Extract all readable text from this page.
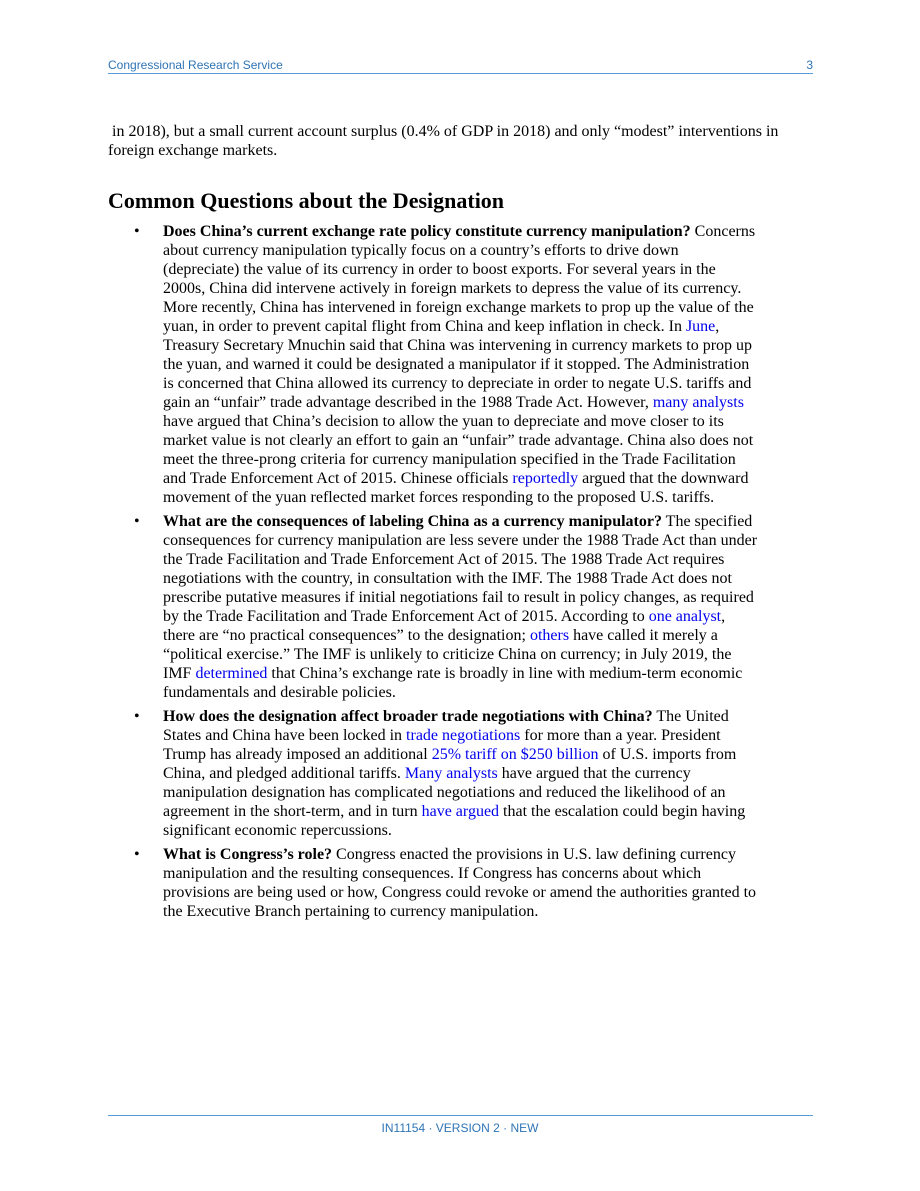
Congressional Research Service	3

in 2018), but a small current account surplus (0.4% of GDP in 2018) and only “modest” interventions in foreign exchange markets.

Common Questions about the Designation
• Does China’s current exchange rate policy constitute currency manipulation? Concerns about currency manipulation typically focus on a country’s efforts to drive down (depreciate) the value of its currency in order to boost exports. For several years in the 2000s, China did intervene actively in foreign markets to depress the value of its currency. More recently, China has intervened in foreign exchange markets to prop up the value of the yuan, in order to prevent capital flight from China and keep inflation in check. In June, Treasury Secretary Mnuchin said that China was intervening in currency markets to prop up the yuan, and warned it could be designated a manipulator if it stopped. The Administration is concerned that China allowed its currency to depreciate in order to negate U.S. tariffs and gain an “unfair” trade advantage described in the 1988 Trade Act. However, many analysts have argued that China’s decision to allow the yuan to depreciate and move closer to its market value is not clearly an effort to gain an “unfair” trade advantage. China also does not meet the three-prong criteria for currency manipulation specified in the Trade Facilitation and Trade Enforcement Act of 2015. Chinese officials reportedly argued that the downward movement of the yuan reflected market forces responding to the proposed U.S. tariffs.
• What are the consequences of labeling China as a currency manipulator? The specified consequences for currency manipulation are less severe under the 1988 Trade Act than under the Trade Facilitation and Trade Enforcement Act of 2015. The 1988 Trade Act requires negotiations with the country, in consultation with the IMF. The 1988 Trade Act does not prescribe putative measures if initial negotiations fail to result in policy changes, as required by the Trade Facilitation and Trade Enforcement Act of 2015. According to one analyst, there are “no practical consequences” to the designation; others have called it merely a “political exercise.” The IMF is unlikely to criticize China on currency; in July 2019, the IMF determined that China’s exchange rate is broadly in line with medium-term economic fundamentals and desirable policies.
• How does the designation affect broader trade negotiations with China? The United States and China have been locked in trade negotiations for more than a year. President Trump has already imposed an additional 25% tariff on $250 billion of U.S. imports from China, and pledged additional tariffs. Many analysts have argued that the currency manipulation designation has complicated negotiations and reduced the likelihood of an agreement in the short-term, and in turn have argued that the escalation could begin having significant economic repercussions.
• What is Congress’s role? Congress enacted the provisions in U.S. law defining currency manipulation and the resulting consequences. If Congress has concerns about which provisions are being used or how, Congress could revoke or amend the authorities granted to the Executive Branch pertaining to currency manipulation.
IN11154 · VERSION 2 · NEW
